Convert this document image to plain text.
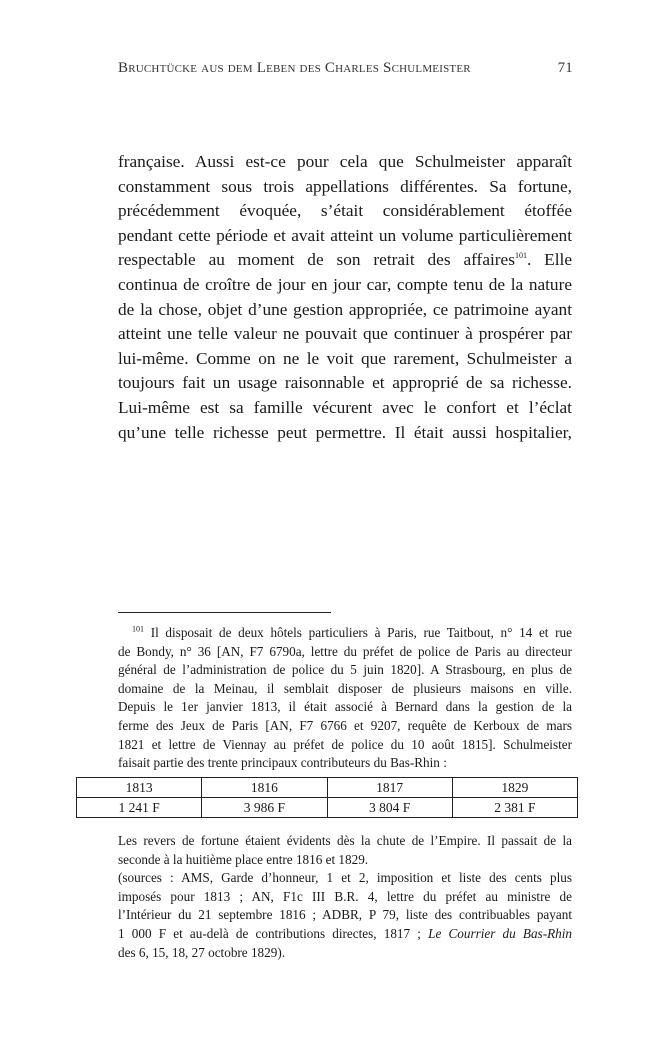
Bruchtücke aus dem Leben des Charles Schulmeister	71
française. Aussi est-ce pour cela que Schulmeister apparaît
constamment sous trois appellations différentes. Sa fortune,
précédemment évoquée, s’était considérablement étoffée
pendant cette période et avait atteint un volume particulièrement
respectable au moment de son retrait des affaires$^{101}$. Elle
continua de croître de jour en jour car, compte tenu de la nature
de la chose, objet d’une gestion appropriée, ce patrimoine ayant
atteint une telle valeur ne pouvait que continuer à prospérer par
lui-même. Comme on ne le voit que rarement, Schulmeister a
toujours fait un usage raisonnable et approprié de sa richesse.
Lui-même est sa famille vécurent avec le confort et l’éclat
qu’une telle richesse peut permettre. Il était aussi hospitalier,
$^{101}$ Il disposait de deux hôtels particuliers à Paris, rue Taitbout, n° 14 et rue
de Bondy, n° 36 [AN, F7 6790a, lettre du préfet de police de Paris au directeur
général de l’administration de police du 5 juin 1820]. A Strasbourg, en plus de
domaine de la Meinau, il semblait disposer de plusieurs maisons en ville.
Depuis le 1er janvier 1813, il était associé à Bernard dans la gestion de la
ferme des Jeux de Paris [AN, F7 6766 et 9207, requête de Kerboux de mars
1821 et lettre de Viennay au préfet de police du 10 août 1815]. Schulmeister
faisait partie des trente principaux contributeurs du Bas-Rhin :
1813	1816	1817	1829
1 241 F	3 986 F	3 804 F	2 381 F
Les revers de fortune étaient évidents dès la chute de l’Empire. Il passait de la
seconde à la huitième place entre 1816 et 1829.
(sources : AMS, Garde d’honneur, 1 et 2, imposition et liste des cents plus
imposés pour 1813 ; AN, F1c III B.R. 4, lettre du préfet au ministre de
l’Intérieur du 21 septembre 1816 ; ADBR, P 79, liste des contribuables payant
1 000 F et au-delà de contributions directes, 1817 ; Le Courrier du Bas-Rhin
des 6, 15, 18, 27 octobre 1829).
